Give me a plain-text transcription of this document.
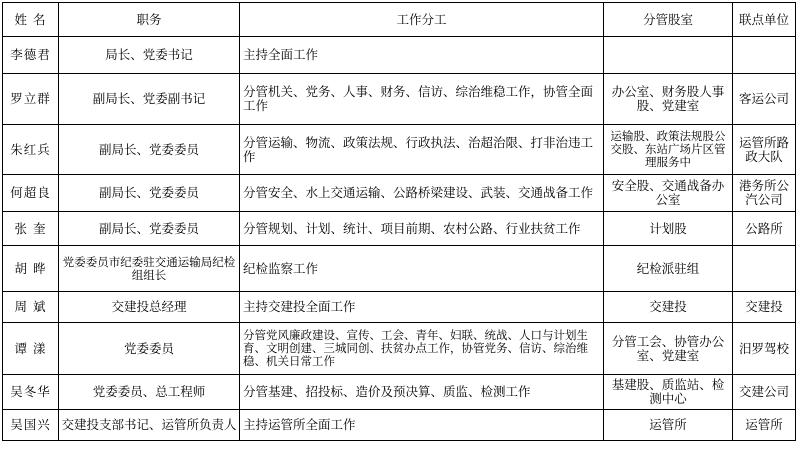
姓 名	职务	工作分工	分管股室	联点单位
李德君	局长、党委书记	主持全面工作		
罗立群	副局长、党委副书记	分管机关、党务、人事、财务、信访、综治维稳工作，协管全面工作	办公室、财务股人事股、党建室	客运公司
朱红兵	副局长、党委委员	分管运输、物流、政策法规、行政执法、治超治限、打非治违工作	运输股、政策法规股公交股、东站广场片区管理服务中	运管所路政大队
何超良	副局长、党委委员	分管安全、水上交通运输、公路桥梁建设、武装、交通战备工作	安全股、交通战备办公室	港务所公汽公司
张 奎	副局长、党委委员	分管规划、计划、统计、项目前期、农村公路、行业扶贫工作	计划股	公路所
胡 晔	党委委员市纪委驻交通运输局纪检组组长	纪检监察工作	纪检派驻组	
周 斌	交建投总经理	主持交建投全面工作	交建投	交建投
谭 漾	党委委员	分管党风廉政建设、宣传、工会、青年、妇联、统战、人口与计划生育、文明创建、三城同创、扶贫办点工作，协管党务、信访、综治维稳、机关日常工作	分管工会、协管办公室、党建室	汨罗驾校
吴冬华	党委委员、总工程师	分管基建、招投标、造价及预决算、质监、检测工作	基建股、质监站、检测中心	交建公司
吴国兴	交建投支部书记、运管所负责人	主持运管所全面工作	运管所	运管所
